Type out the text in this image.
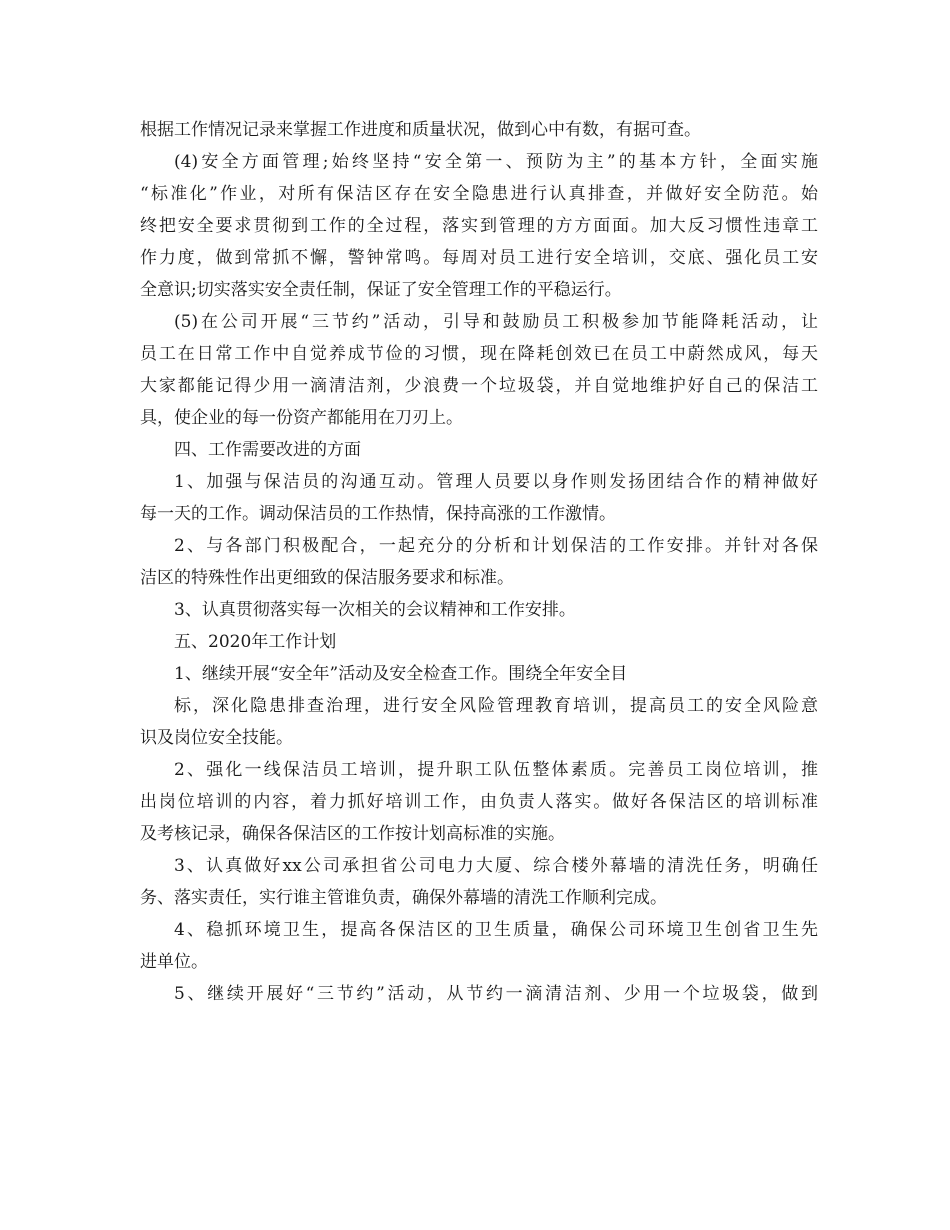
根据工作情况记录来掌握工作进度和质量状况，做到心中有数，有据可查。
(4)安全方面管理;始终坚持“安全第一、预防为主”的基本方针，全面实施
“标准化”作业，对所有保洁区存在安全隐患进行认真排查，并做好安全防范。始
终把安全要求贯彻到工作的全过程，落实到管理的方方面面。加大反习惯性违章工
作力度，做到常抓不懈，警钟常鸣。每周对员工进行安全培训，交底、强化员工安
全意识;切实落实安全责任制，保证了安全管理工作的平稳运行。
(5)在公司开展“三节约”活动，引导和鼓励员工积极参加节能降耗活动，让
员工在日常工作中自觉养成节俭的习惯，现在降耗创效已在员工中蔚然成风，每天
大家都能记得少用一滴清洁剂，少浪费一个垃圾袋，并自觉地维护好自己的保洁工
具，使企业的每一份资产都能用在刀刃上。
四、工作需要改进的方面
1、加强与保洁员的沟通互动。管理人员要以身作则发扬团结合作的精神做好
每一天的工作。调动保洁员的工作热情，保持高涨的工作激情。
2、与各部门积极配合，一起充分的分析和计划保洁的工作安排。并针对各保
洁区的特殊性作出更细致的保洁服务要求和标准。
3、认真贯彻落实每一次相关的会议精神和工作安排。
五、2020年工作计划
1、继续开展“安全年”活动及安全检查工作。围绕全年安全目
标，深化隐患排查治理，进行安全风险管理教育培训，提高员工的安全风险意
识及岗位安全技能。
2、强化一线保洁员工培训，提升职工队伍整体素质。完善员工岗位培训，推
出岗位培训的内容，着力抓好培训工作，由负责人落实。做好各保洁区的培训标准
及考核记录，确保各保洁区的工作按计划高标准的实施。
3、认真做好xx公司承担省公司电力大厦、综合楼外幕墙的清洗任务，明确任
务、落实责任，实行谁主管谁负责，确保外幕墙的清洗工作顺利完成。
4、稳抓环境卫生，提高各保洁区的卫生质量，确保公司环境卫生创省卫生先
进单位。
5、继续开展好“三节约”活动，从节约一滴清洁剂、少用一个垃圾袋，做到
